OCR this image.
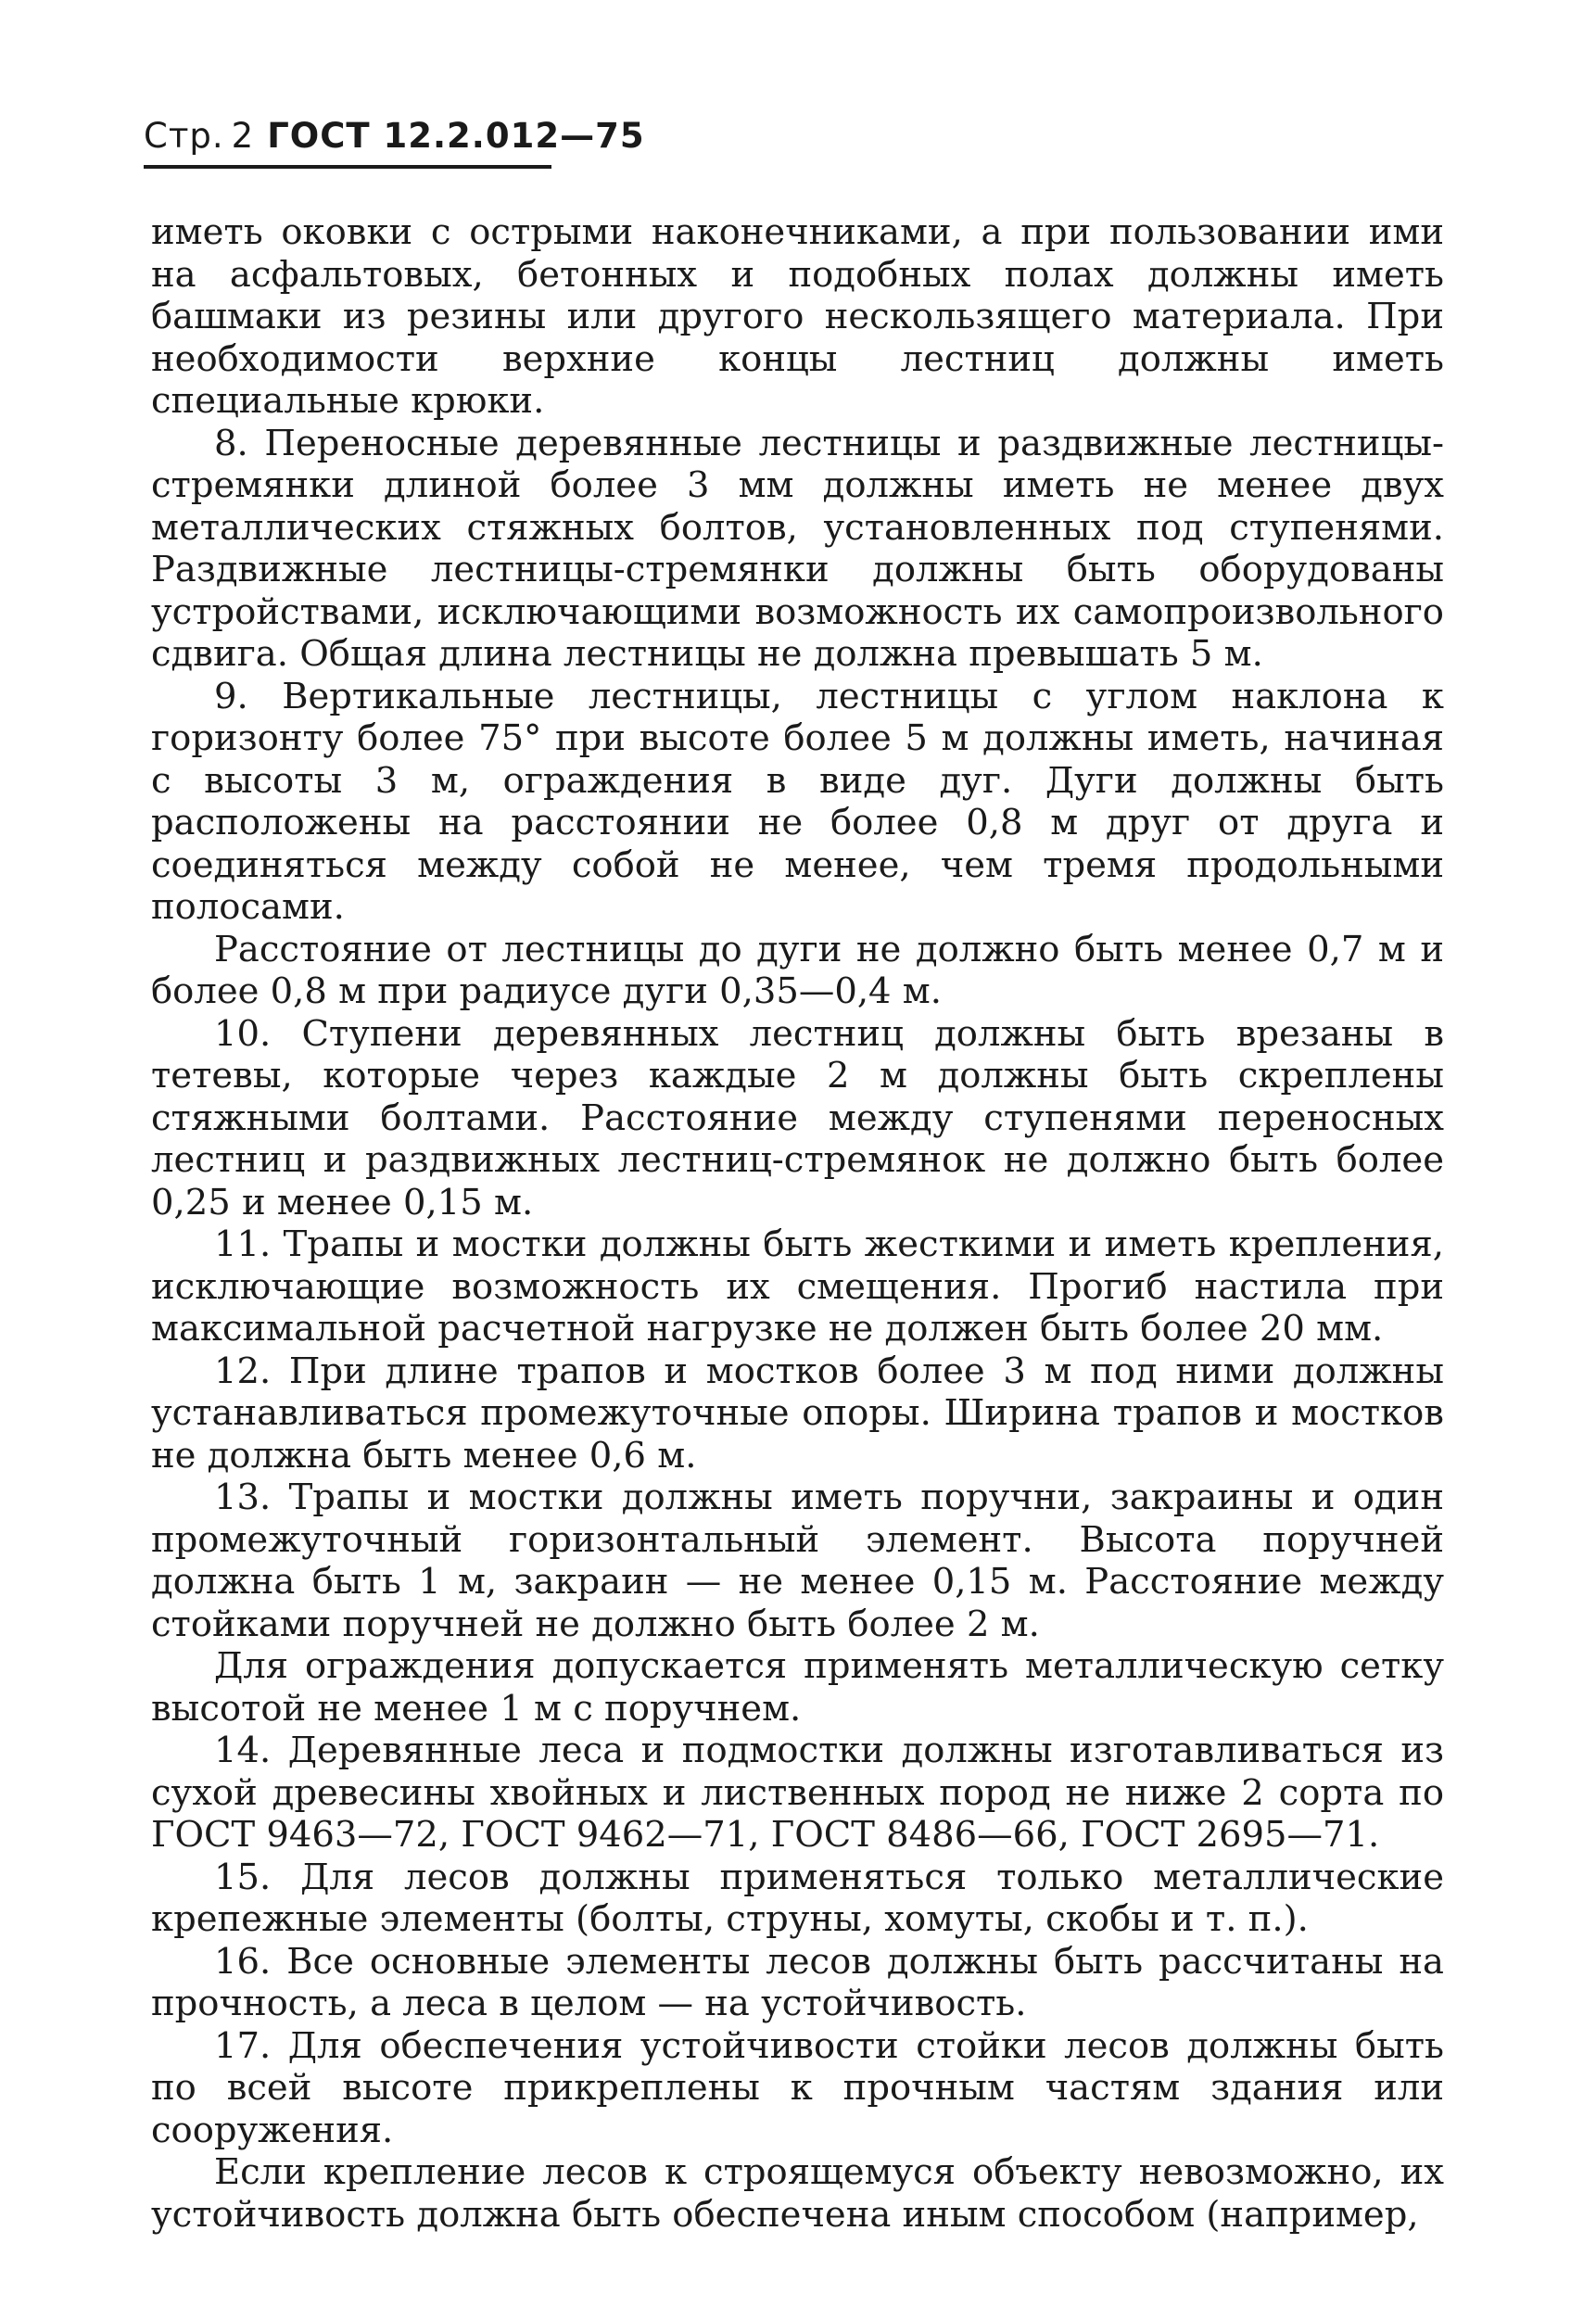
Стр. 2 ГОСТ 12.2.012—75

иметь оковки с острыми наконечниками, а при пользовании ими на асфальтовых, бетонных и подобных полах должны иметь башмаки из резины или другого нескользящего материала. При необходимости верхние концы лестниц должны иметь специальные крюки.

8. Переносные деревянные лестницы и раздвижные лестницы-стремянки длиной более 3 мм должны иметь не менее двух металлических стяжных болтов, установленных под ступенями. Раздвижные лестницы-стремянки должны быть оборудованы устройствами, исключающими возможность их самопроизвольного сдвига. Общая длина лестницы не должна превышать 5 м.

9. Вертикальные лестницы, лестницы с углом наклона к горизонту более 75° при высоте более 5 м должны иметь, начиная с высоты 3 м, ограждения в виде дуг. Дуги должны быть расположены на расстоянии не более 0,8 м друг от друга и соединяться между собой не менее, чем тремя продольными полосами.

Расстояние от лестницы до дуги не должно быть менее 0,7 м и более 0,8 м при радиусе дуги 0,35—0,4 м.

10. Ступени деревянных лестниц должны быть врезаны в тетевы, которые через каждые 2 м должны быть скреплены стяжными болтами. Расстояние между ступенями переносных лестниц и раздвижных лестниц-стремянок не должно быть более 0,25 и менее 0,15 м.

11. Трапы и мостки должны быть жесткими и иметь крепления, исключающие возможность их смещения. Прогиб настила при максимальной расчетной нагрузке не должен быть более 20 мм.

12. При длине трапов и мостков более 3 м под ними должны устанавливаться промежуточные опоры. Ширина трапов и мостков не должна быть менее 0,6 м.

13. Трапы и мостки должны иметь поручни, закраины и один промежуточный горизонтальный элемент. Высота поручней должна быть 1 м, закраин — не менее 0,15 м. Расстояние между стойками поручней не должно быть более 2 м.

Для ограждения допускается применять металлическую сетку высотой не менее 1 м с поручнем.

14. Деревянные леса и подмостки должны изготавливаться из сухой древесины хвойных и лиственных пород не ниже 2 сорта по ГОСТ 9463—72, ГОСТ 9462—71, ГОСТ 8486—66, ГОСТ 2695—71.

15. Для лесов должны применяться только металлические крепежные элементы (болты, струны, хомуты, скобы и т. п.).

16. Все основные элементы лесов должны быть рассчитаны на прочность, а леса в целом — на устойчивость.

17. Для обеспечения устойчивости стойки лесов должны быть по всей высоте прикреплены к прочным частям здания или сооружения.

Если крепление лесов к строящемуся объекту невозможно, их устойчивость должна быть обеспечена иным способом (например,
